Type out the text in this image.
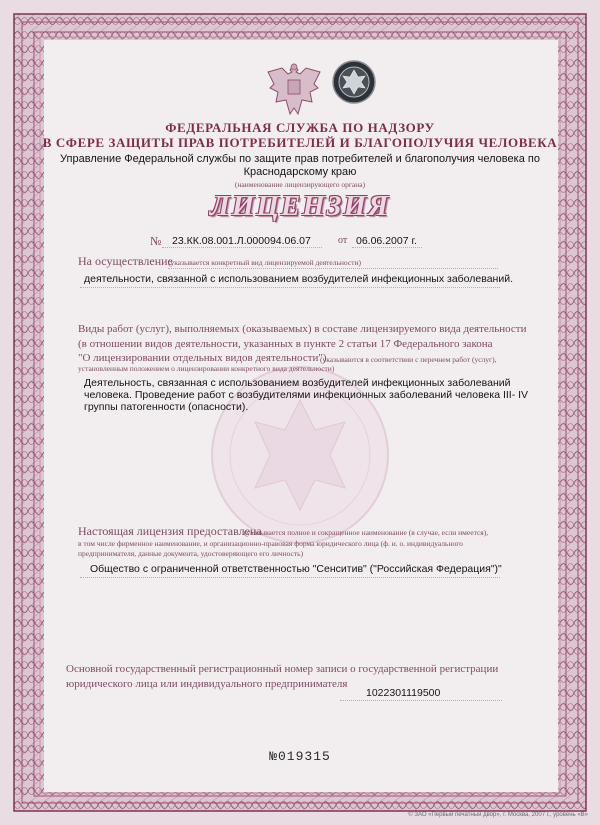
ФЕДЕРАЛЬНАЯ СЛУЖБА ПО НАДЗОРУ
В СФЕРЕ ЗАЩИТЫ ПРАВ ПОТРЕБИТЕЛЕЙ И БЛАГОПОЛУЧИЯ ЧЕЛОВЕКА
Управление Федеральной службы по защите прав потребителей и благополучия человека по
Краснодарскому краю
(наименование лицензирующего органа)
ЛИЦЕНЗИЯ
№ 23.КК.08.001.Л.000094.06.07	от 06.06.2007 г.
На осуществление
(указывается конкретный вид лицензируемой деятельности)
деятельности, связанной с использованием возбудителей инфекционных заболеваний.
Виды работ (услуг), выполняемых (оказываемых) в составе лицензируемого вида деятельности
(в отношении видов деятельности, указанных в пункте 2 статьи 17 Федерального закона
"О лицензировании отдельных видов деятельности")
(указываются в соответствии с перечнем работ (услуг),
установленным положением о лицензировании конкретного вида деятельности)
Деятельность, связанная с использованием возбудителей инфекционных заболеваний
человека. Проведение работ с возбудителями инфекционных заболеваний человека III- IV
группы патогенности (опасности).
Настоящая лицензия предоставлена
(указывается полное и сокращенное наименование (в случае, если имеется),
в том числе фирменное наименование, и организационно-правовая форма юридического лица (ф. и. о. индивидуального
предпринимателя, данные документа, удостоверяющего его личность)
Общество с ограниченной ответственностью "Сенситив" ("Российская Федерация")"
Основной государственный регистрационный номер записи о государственной регистрации
юридического лица или индивидуального предпринимателя
1022301119500
№019315
© ЗАО «Первый печатный двор», г. Москва, 2007 г., уровень «В»
